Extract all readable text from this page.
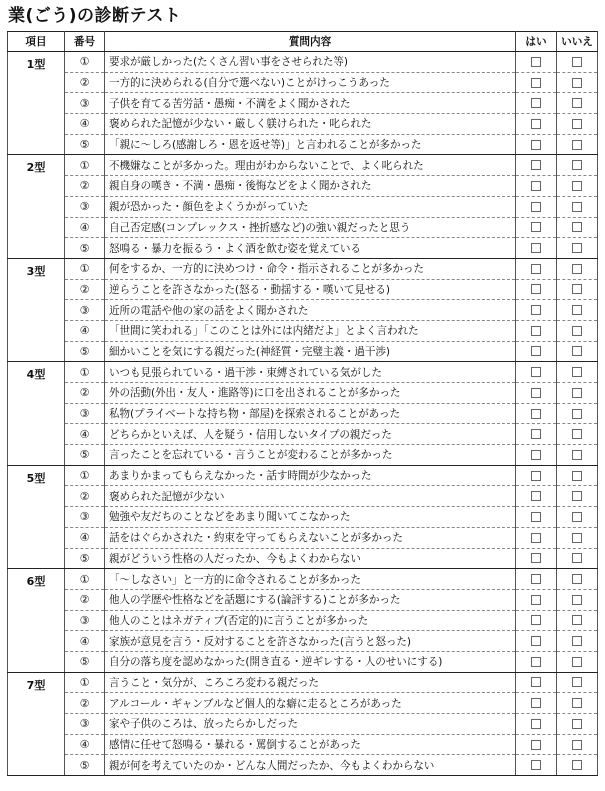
業(ごう)の診断テスト
項目	番号	質問内容	はい	いいえ
1型	①	要求が厳しかった(たくさん習い事をさせられた等)		
	②	一方的に決められる(自分で選べない)ことがけっこうあった		
	③	子供を育てる苦労話・愚痴・不満をよく聞かされた		
	④	褒められた記憶が少ない・厳しく躾けられた・叱られた		
	⑤	「親に〜しろ(感謝しろ・恩を返せ等)」と言われることが多かった		
2型	①	不機嫌なことが多かった。理由がわからないことで、よく叱られた		
	②	親自身の嘆き・不満・愚痴・後悔などをよく聞かされた		
	③	親が恐かった・顔色をよくうかがっていた		
	④	自己否定感(コンプレックス・挫折感など)の強い親だったと思う		
	⑤	怒鳴る・暴力を振るう・よく酒を飲む姿を覚えている		
3型	①	何をするか、一方的に決めつけ・命令・指示されることが多かった		
	②	逆らうことを許さなかった(怒る・動揺する・嘆いて見せる)		
	③	近所の電話や他の家の話をよく聞かされた		
	④	「世間に笑われる」「このことは外には内緒だよ」とよく言われた		
	⑤	細かいことを気にする親だった(神経質・完璧主義・過干渉)		
4型	①	いつも見張られている・過干渉・束縛されている気がした		
	②	外の活動(外出・友人・進路等)に口を出されることが多かった		
	③	私物(プライベートな持ち物・部屋)を探索されることがあった		
	④	どちらかといえば、人を疑う・信用しないタイプの親だった		
	⑤	言ったことを忘れている・言うことが変わることが多かった		
5型	①	あまりかまってもらえなかった・話す時間が少なかった		
	②	褒められた記憶が少ない		
	③	勉強や友だちのことなどをあまり聞いてこなかった		
	④	話をはぐらかされた・約束を守ってもらえないことが多かった		
	⑤	親がどういう性格の人だったか、今もよくわからない		
6型	①	「〜しなさい」と一方的に命令されることが多かった		
	②	他人の学歴や性格などを話題にする(論評する)ことが多かった		
	③	他人のことはネガティブ(否定的)に言うことが多かった		
	④	家族が意見を言う・反対することを許さなかった(言うと怒った)		
	⑤	自分の落ち度を認めなかった(開き直る・逆ギレする・人のせいにする)		
7型	①	言うこと・気分が、ころころ変わる親だった		
	②	アルコール・ギャンブルなど個人的な癖に走るところがあった		
	③	家や子供のころは、放ったらかしだった		
	④	感情に任せて怒鳴る・暴れる・罵倒することがあった		
	⑤	親が何を考えていたのか・どんな人間だったか、今もよくわからない		
